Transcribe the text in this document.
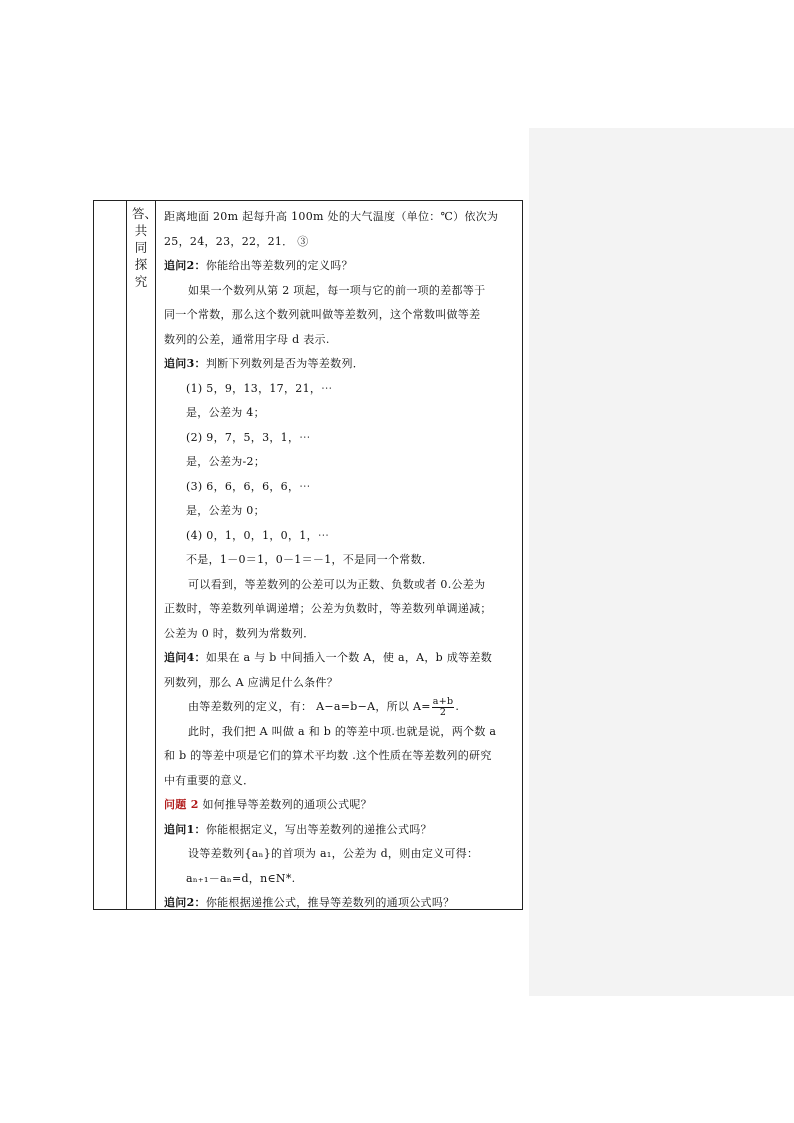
答、共同探究

距离地面 20m 起每升高 100m 处的大气温度（单位：℃）依次为

25，24，23，22，21． ③

追问2：你能给出等差数列的定义吗？

如果一个数列从第 2 项起，每一项与它的前一项的差都等于

同一个常数，那么这个数列就叫做等差数列，这个常数叫做等差

数列的公差，通常用字母 d 表示.

追问3：判断下列数列是否为等差数列．

(1) 5，9，13，17，21，⋯

是，公差为 4；

(2) 9，7，5，3，1，⋯

是，公差为-2；

(3) 6，6，6，6，6，⋯

是，公差为 0；

(4) 0，1，0，1，0，1，⋯

不是，1－0＝1，0－1＝－1，不是同一个常数．

可以看到，等差数列的公差可以为正数、负数或者 0.公差为

正数时，等差数列单调递增；公差为负数时，等差数列单调递减；

公差为 0 时，数列为常数列．

追问4：如果在 a 与 b 中间插入一个数 A，使 a，A，b 成等差数

列数列，那么 A 应满足什么条件？

由等差数列的定义，有： A−a=b−A，所以 $A= \frac{a+b}{2}$ .

此时，我们把 A 叫做 a 和 b 的等差中项.也就是说，两个数 a

和 b 的等差中项是它们的算术平均数 .这个性质在等差数列的研究

中有重要的意义．

问题 2 如何推导等差数列的通项公式呢？

追问1：你能根据定义，写出等差数列的递推公式吗？

设等差数列{aₙ}的首项为 a₁，公差为 d，则由定义可得：

aₙ₊₁－aₙ=d，n∈N*.

追问2：你能根据递推公式，推导等差数列的通项公式吗？
